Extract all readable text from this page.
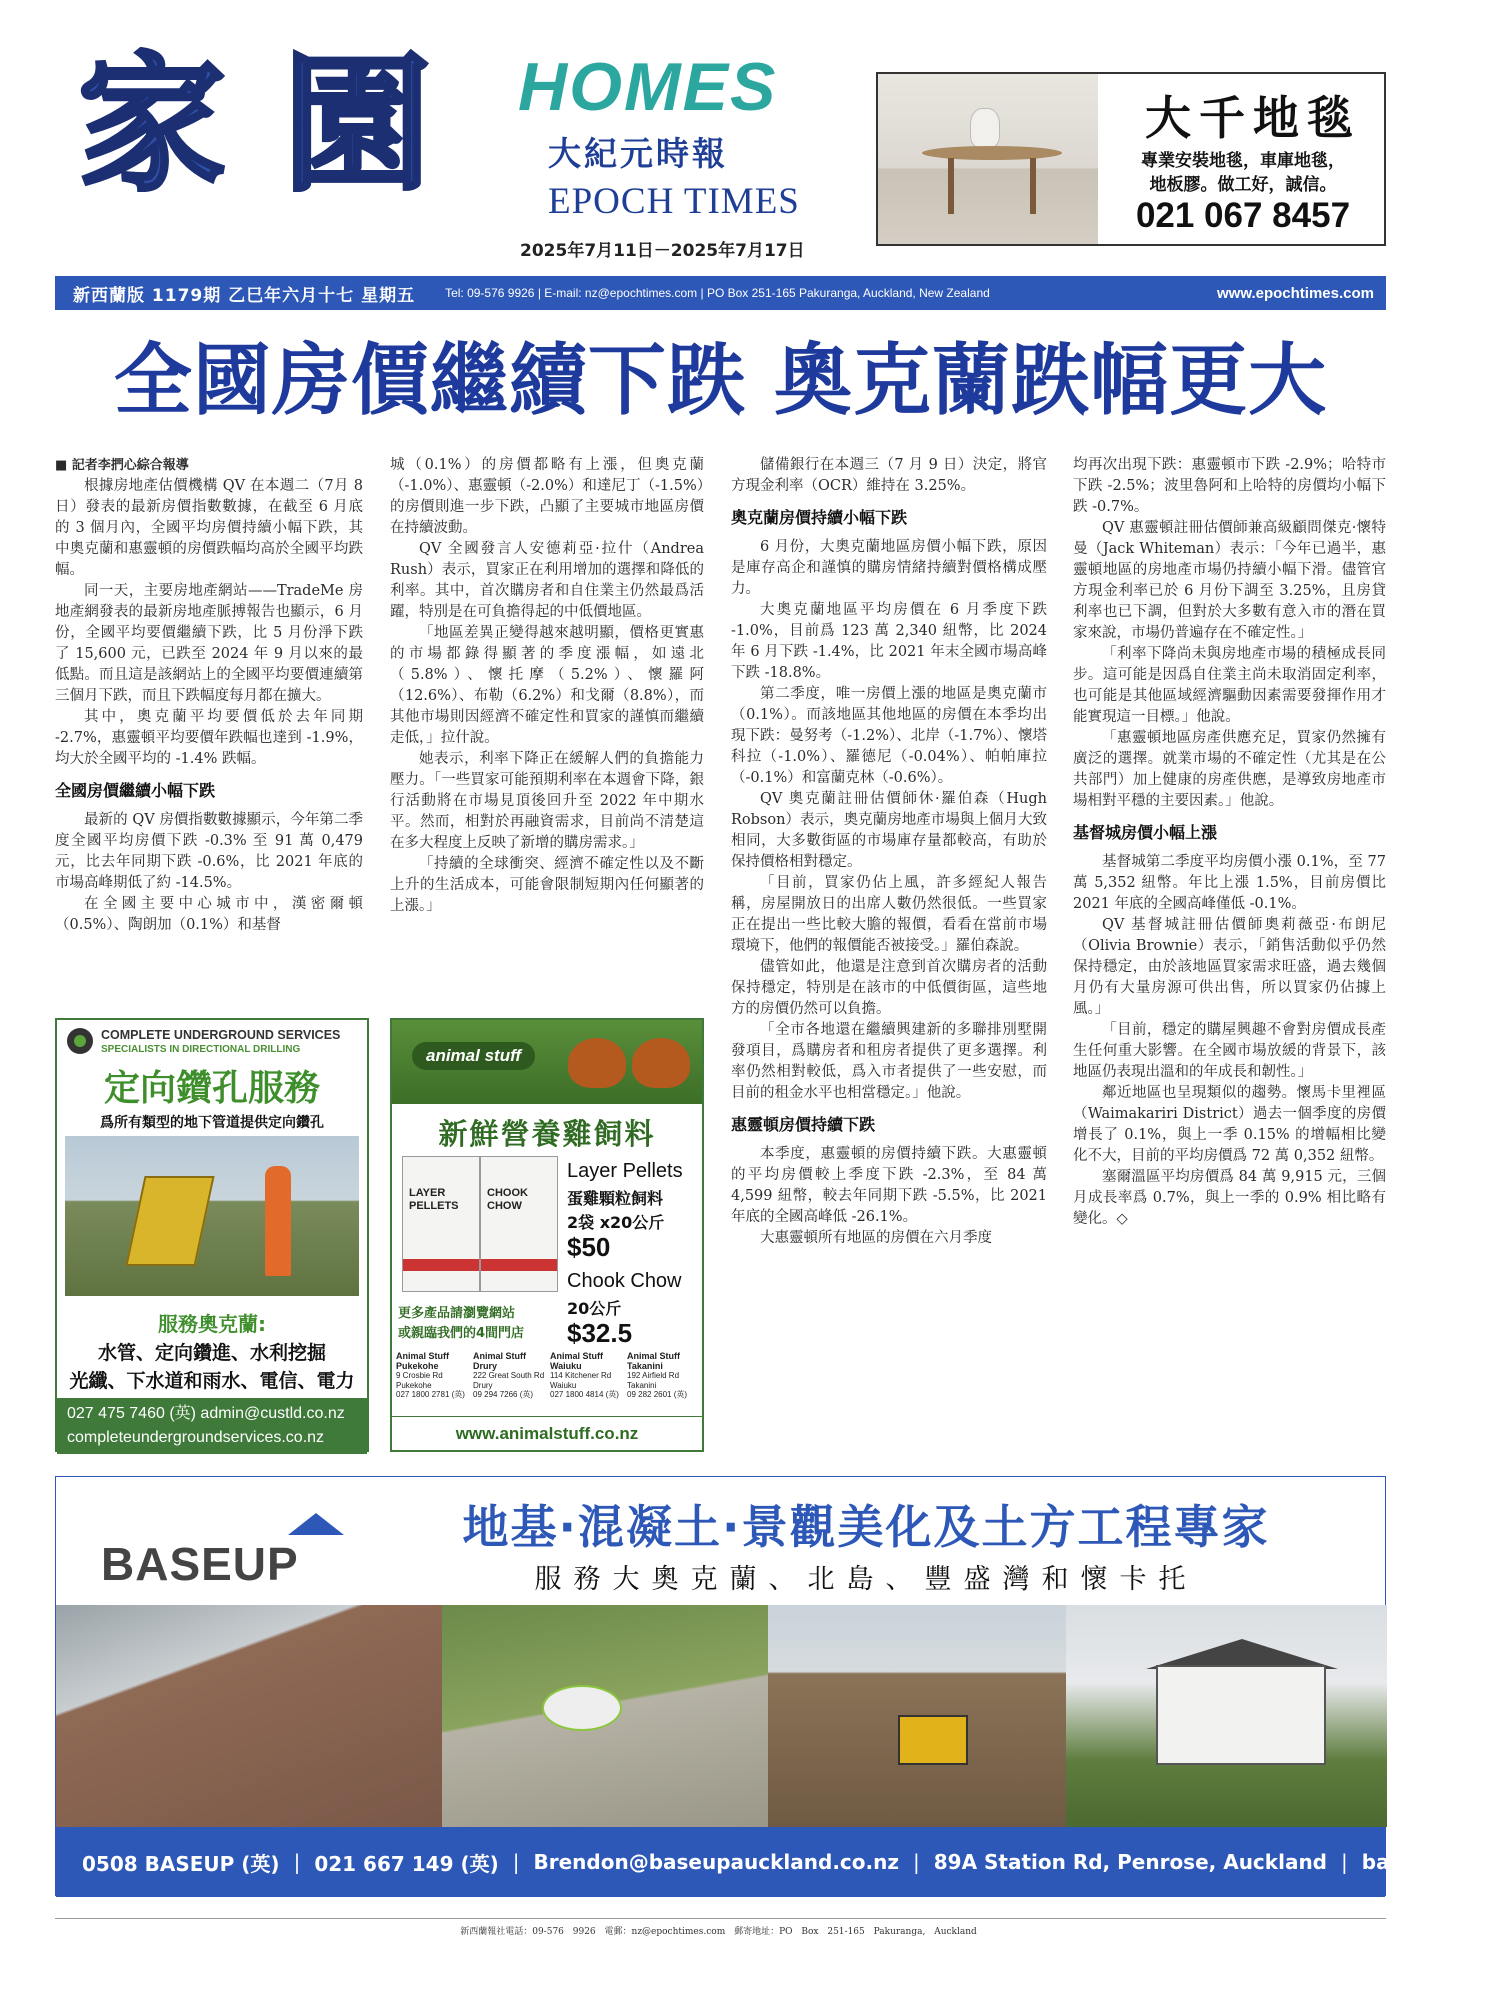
家 園 HOMES
大紀元時報
EPOCH TIMES
2025年7月11日－2025年7月17日
大千地毯
專業安裝地毯，車庫地毯，
地板膠。做工好，誠信。
021 067 8457
新西蘭版 1179期 乙巳年六月十七 星期五	Tel: 09-576 9926 | E-mail: nz@epochtimes.com | PO Box 251-165 Pakuranga, Auckland, New Zealand	www.epochtimes.com
全國房價繼續下跌 奧克蘭跌幅更大

■ 記者李捫心綜合報導

根據房地產估價機構 QV 在本週二（7月 8 日）發表的最新房價指數數據，在截至 6 月底的 3 個月內，全國平均房價持續小幅下跌，其中奧克蘭和惠靈頓的房價跌幅均高於全國平均跌幅。

同一天，主要房地產網站——TradeMe 房地產網發表的最新房地產脈搏報告也顯示，6 月份，全國平均要價繼續下跌，比 5 月份淨下跌了 15,600 元，已跌至 2024 年 9 月以來的最低點。而且這是該網站上的全國平均要價連續第三個月下跌，而且下跌幅度每月都在擴大。

其中，奧克蘭平均要價低於去年同期 -2.7%，惠靈頓平均要價年跌幅也達到 -1.9%，均大於全國平均的 -1.4% 跌幅。

全國房價繼續小幅下跌

最新的 QV 房價指數數據顯示，今年第二季度全國平均房價下跌 -0.3% 至 91 萬 0,479 元，比去年同期下跌 -0.6%，比 2021 年底的市場高峰期低了約 -14.5%。

在全國主要中心城市中，漢密爾頓（0.5%）、陶朗加（0.1%）和基督

城（0.1%）的房價都略有上漲，但奧克蘭（-1.0%）、惠靈頓（-2.0%）和達尼丁（-1.5%）的房價則進一步下跌，凸顯了主要城市地區房價在持續波動。

QV 全國發言人安德莉亞·拉什（Andrea Rush）表示，買家正在利用增加的選擇和降低的利率。其中，首次購房者和自住業主仍然最爲活躍，特別是在可負擔得起的中低價地區。

「地區差異正變得越來越明顯，價格更實惠的市場都錄得顯著的季度漲幅，如遠北（5.8%）、懷托摩（5.2%）、懷羅阿（12.6%）、布勒（6.2%）和戈爾（8.8%），而其他市場則因經濟不確定性和買家的謹慎而繼續走低，」拉什說。

她表示，利率下降正在緩解人們的負擔能力壓力。「一些買家可能預期利率在本週會下降，銀行活動將在市場見頂後回升至 2022 年中期水平。然而，相對於再融資需求，目前尚不清楚這在多大程度上反映了新增的購房需求。」

「持續的全球衝突、經濟不確定性以及不斷上升的生活成本，可能會限制短期內任何顯著的上漲。」

儲備銀行在本週三（7 月 9 日）決定，將官方現金利率（OCR）維持在 3.25%。

奧克蘭房價持續小幅下跌

6 月份，大奧克蘭地區房價小幅下跌，原因是庫存高企和謹慎的購房情緒持續對價格構成壓力。

大奧克蘭地區平均房價在 6 月季度下跌 -1.0%，目前爲 123 萬 2,340 紐幣，比 2024 年 6 月下跌 -1.4%，比 2021 年末全國市場高峰下跌 -18.8%。

第二季度，唯一房價上漲的地區是奧克蘭市（0.1%）。而該地區其他地區的房價在本季均出現下跌：曼努考（-1.2%）、北岸（-1.7%）、懷塔科拉（-1.0%）、羅德尼（-0.04%）、帕帕庫拉（-0.1%）和富蘭克林（-0.6%）。

QV 奧克蘭註冊估價師休·羅伯森（Hugh Robson）表示，奧克蘭房地產市場與上個月大致相同，大多數街區的市場庫存量都較高，有助於保持價格相對穩定。

「目前，買家仍佔上風，許多經紀人報告稱，房屋開放日的出席人數仍然很低。一些買家正在提出一些比較大膽的報價，看看在當前市場環境下，他們的報價能否被接受。」羅伯森說。

儘管如此，他還是注意到首次購房者的活動保持穩定，特別是在該市的中低價街區，這些地方的房價仍然可以負擔。

「全市各地還在繼續興建新的多聯排別墅開發項目，爲購房者和租房者提供了更多選擇。利率仍然相對較低，爲入市者提供了一些安慰，而目前的租金水平也相當穩定。」他說。

惠靈頓房價持續下跌

本季度，惠靈頓的房價持續下跌。大惠靈頓的平均房價較上季度下跌 -2.3%，至 84 萬 4,599 紐幣，較去年同期下跌 -5.5%，比 2021 年底的全國高峰低 -26.1%。

大惠靈頓所有地區的房價在六月季度

均再次出現下跌：惠靈頓市下跌 -2.9%；哈特市下跌 -2.5%；波里魯阿和上哈特的房價均小幅下跌 -0.7%。

QV 惠靈頓註冊估價師兼高級顧問傑克·懷特曼（Jack Whiteman）表示：「今年已過半，惠靈頓地區的房地產市場仍持續小幅下滑。儘管官方現金利率已於 6 月份下調至 3.25%，且房貸利率也已下調，但對於大多數有意入市的潛在買家來說，市場仍普遍存在不確定性。」

「利率下降尚未與房地產市場的積極成長同步。這可能是因爲自住業主尚未取消固定利率，也可能是其他區域經濟驅動因素需要發揮作用才能實現這一目標。」他說。

「惠靈頓地區房產供應充足，買家仍然擁有廣泛的選擇。就業市場的不確定性（尤其是在公共部門）加上健康的房產供應，是導致房地產市場相對平穩的主要因素。」他說。

基督城房價小幅上漲

基督城第二季度平均房價小漲 0.1%，至 77 萬 5,352 紐幣。年比上漲 1.5%，目前房價比 2021 年底的全國高峰僅低 -0.1%。

QV 基督城註冊估價師奧莉薇亞·布朗尼（Olivia Brownie）表示，「銷售活動似乎仍然保持穩定，由於該地區買家需求旺盛，過去幾個月仍有大量房源可供出售，所以買家仍佔據上風。」

「目前，穩定的購屋興趣不會對房價成長產生任何重大影響。在全國市場放緩的背景下，該地區仍表現出溫和的年成長和韌性。」

鄰近地區也呈現類似的趨勢。懷馬卡里裡區（Waimakariri District）過去一個季度的房價增長了 0.1%，與上一季 0.15% 的增幅相比變化不大，目前的平均房價爲 72 萬 0,352 紐幣。

塞爾溫區平均房價爲 84 萬 9,915 元，三個月成長率爲 0.7%，與上一季的 0.9% 相比略有變化。◇

COMPLETE UNDERGROUND SERVICES
SPECIALISTS IN DIRECTIONAL DRILLING
定向鑽孔服務
爲所有類型的地下管道提供定向鑽孔
服務奧克蘭:
水管、定向鑽進、水利挖掘
光纖、下水道和雨水、電信、電力
027 475 7460 (英) admin@custld.co.nz
completeundergroundservices.co.nz
animal stuff
新鮮營養雞飼料
LAYER PELLETS
CHOOK CHOW
Layer Pellets
蛋雞顆粒飼料
2袋 x20公斤
$50
Chook Chow
20公斤
$32.5
更多產品請瀏覽網站
或親臨我們的4間門店
Animal Stuff Pukekohe
9 Crosbie Rd Pukekohe
027 1800 2781 (英)
Animal Stuff Drury
222 Great South Rd Drury
09 294 7266 (英)
Animal Stuff Waiuku
114 Kitchener Rd Waiuku
027 1800 4814 (英)
Animal Stuff Takanini
192 Airfield Rd Takanini
09 282 2601 (英)
www.animalstuff.co.nz
BASEUP
地基·混凝土·景觀美化及土方工程專家
服務大奧克蘭、北島、豐盛灣和懷卡托
0508 BASEUP (英) | 021 667 149 (英) | Brendon@baseupauckland.co.nz | 89A Station Rd, Penrose, Auckland | baseup.co.nz
新西蘭報社電話：09-576 9926 電郵：nz@epochtimes.com 郵寄地址：PO Box 251-165 Pakuranga, Auckland
